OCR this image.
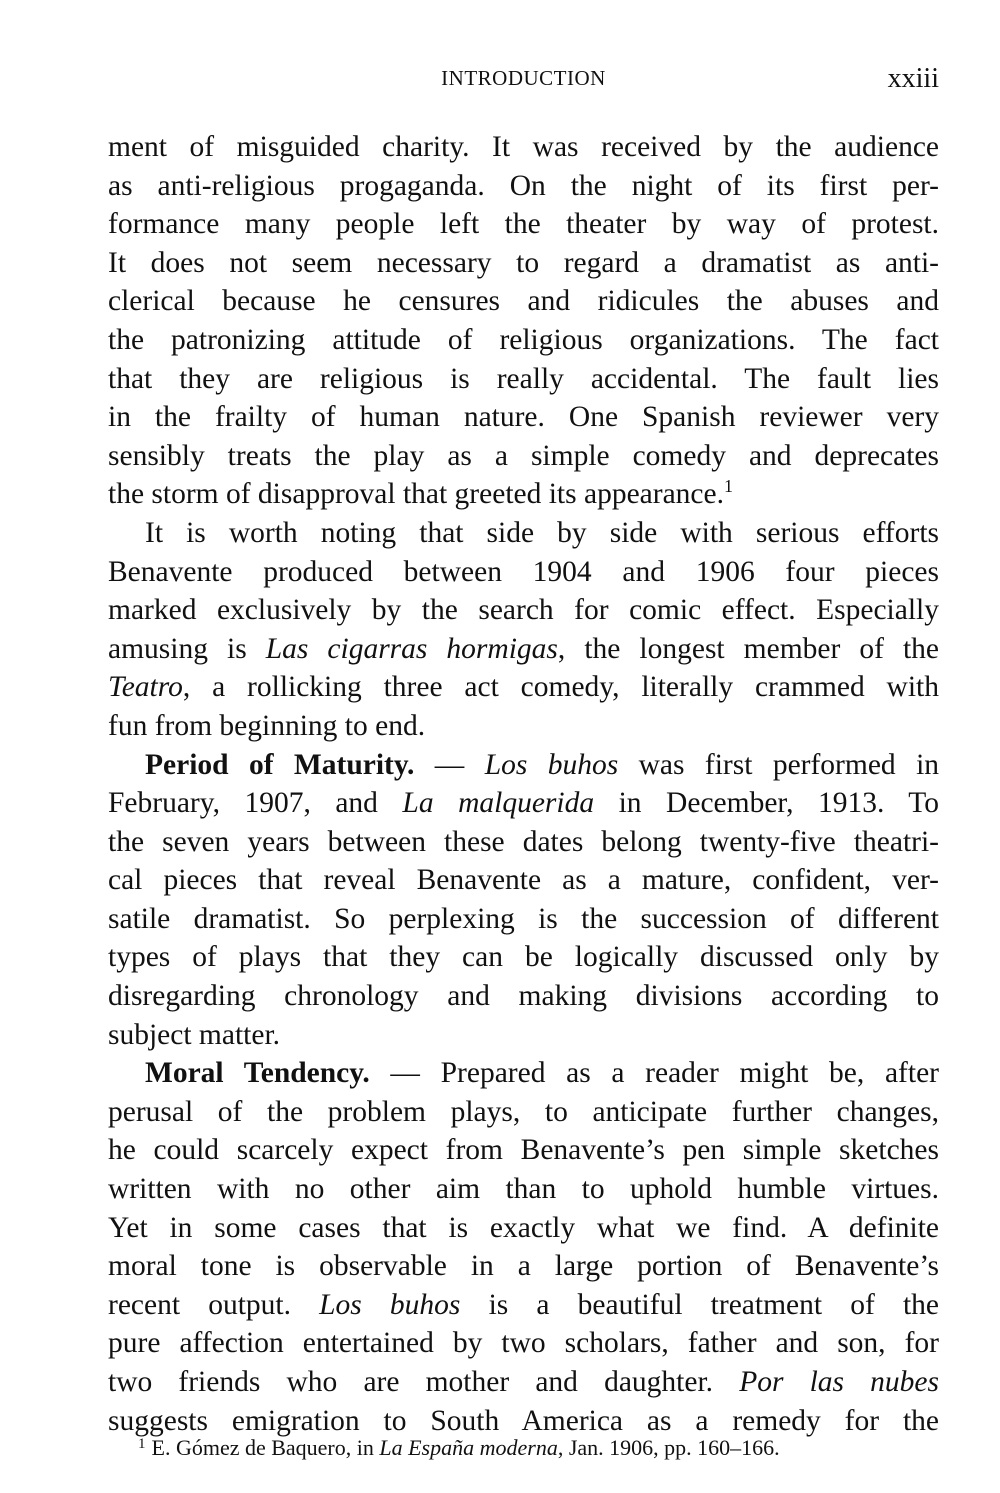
INTRODUCTION	xxiii
ment of misguided charity. It was received by the audience
as anti-religious progaganda. On the night of its first per-
formance many people left the theater by way of protest.
It does not seem necessary to regard a dramatist as anti-
clerical because he censures and ridicules the abuses and
the patronizing attitude of religious organizations. The fact
that they are religious is really accidental. The fault lies
in the frailty of human nature. One Spanish reviewer very
sensibly treats the play as a simple comedy and deprecates
the storm of disapproval that greeted its appearance.$^1$
It is worth noting that side by side with serious efforts
Benavente produced between 1904 and 1906 four pieces
marked exclusively by the search for comic effect. Especially
amusing is Las cigarras hormigas, the longest member of the
Teatro, a rollicking three act comedy, literally crammed with
fun from beginning to end.
Period of Maturity. — Los buhos was first performed in
February, 1907, and La malquerida in December, 1913. To
the seven years between these dates belong twenty-five theatri-
cal pieces that reveal Benavente as a mature, confident, ver-
satile dramatist. So perplexing is the succession of different
types of plays that they can be logically discussed only by
disregarding chronology and making divisions according to
subject matter.
Moral Tendency. — Prepared as a reader might be, after
perusal of the problem plays, to anticipate further changes,
he could scarcely expect from Benavente’s pen simple sketches
written with no other aim than to uphold humble virtues.
Yet in some cases that is exactly what we find. A definite
moral tone is observable in a large portion of Benavente’s
recent output. Los buhos is a beautiful treatment of the
pure affection entertained by two scholars, father and son, for
two friends who are mother and daughter. Por las nubes
suggests emigration to South America as a remedy for the
$^1$ E. Gómez de Baquero, in La España moderna, Jan. 1906, pp. 160–166.
